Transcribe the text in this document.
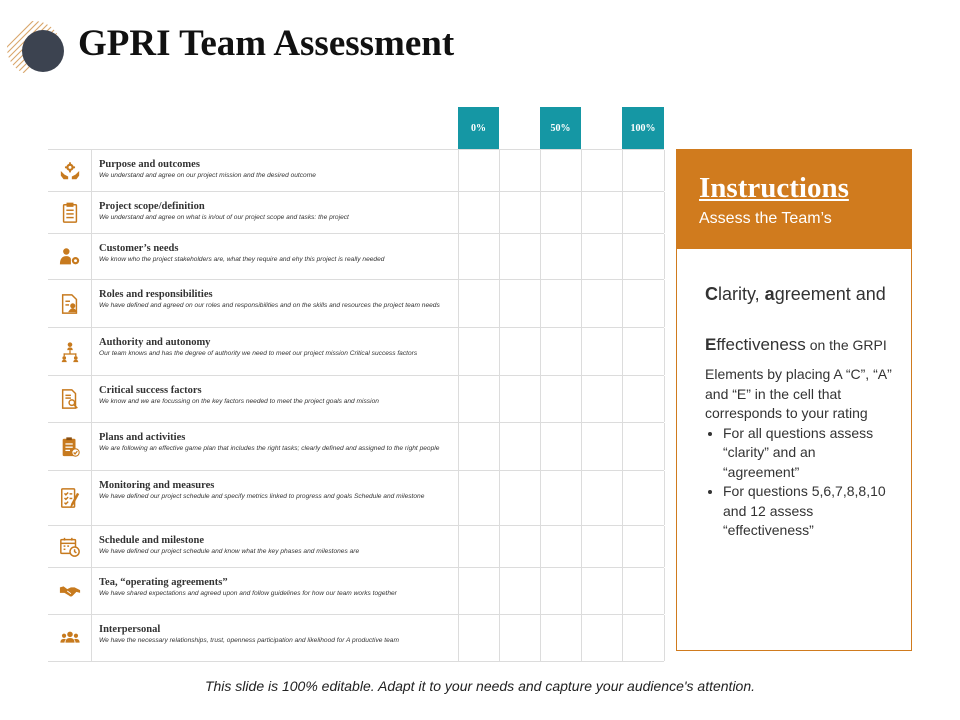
GPRI Team Assessment
0%	50%	100%
Purpose and outcomes
We understand and agree on our project mission and the desired outcome
Project scope/definition
We understand and agree on what is in/out of our project scope and tasks: the project
Customer’s needs
We know who the project stakeholders are, what they require and ehy this project is really needed
Roles and responsibilities
We have defined and agreed on our roles and responsibilities and on the skills and resources the project team needs
Authority and autonomy
Our team knows and has the degree of authority we need to meet our project mission Critical success factors
Critical success factors
We know and we are focussing on the key factors needed to meet the project goals and mission
Plans and activities
We are following an effective game plan that includes the right tasks; clearly defined and assigned to the right people
Monitoring and measures
We have defined our project schedule and specify metrics linked to progress and goals Schedule and milestone
Schedule and milestone
We have defined our project schedule and know what the key phases and milestones are
Tea, “operating agreements”
We have shared expectations and agreed upon and follow guidelines for how our team works together
Interpersonal
We have the necessary relationships, trust, openness participation and likelihood for A productive team
Instructions
Assess the Team’s
Clarity, agreement and
Effectiveness on the GRPI
Elements by placing A “C”, “A” and “E” in the cell that corresponds to your rating
• For all questions assess “clarity” and an “agreement”
• For questions 5,6,7,8,8,10 and 12 assess “effectiveness”
This slide is 100% editable. Adapt it to your needs and capture your audience's attention.
